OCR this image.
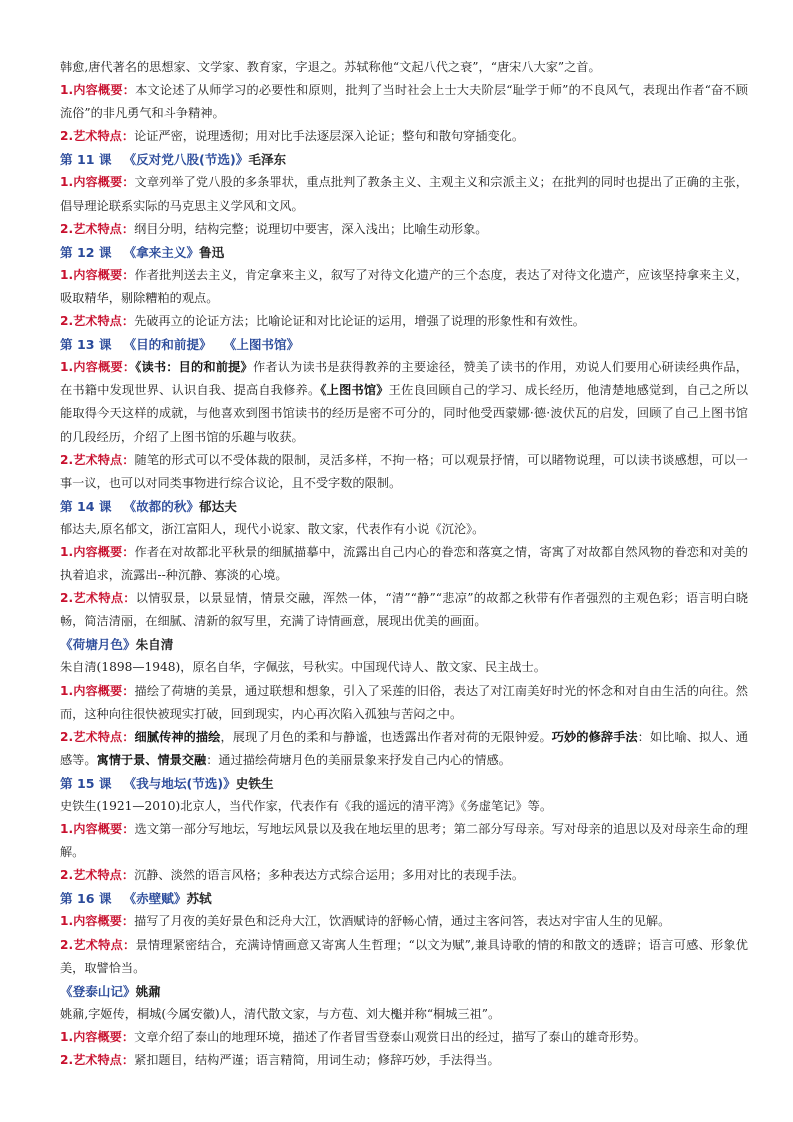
韩愈,唐代著名的思想家、文学家、教育家，字退之。苏轼称他“文起八代之衰”，“唐宋八大家”之首。

1.内容概要：本文论述了从师学习的必要性和原则，批判了当时社会上士大夫阶层“耻学于师”的不良风气，表现出作者“奋不顾流俗”的非凡勇气和斗争精神。

2.艺术特点：论证严密，说理透彻；用对比手法逐层深入论证；整句和散句穿插变化。

第 11 课 《反对党八股(节选)》毛泽东

1.内容概要：文章列举了党八股的多条罪状，重点批判了教条主义、主观主义和宗派主义；在批判的同时也提出了正确的主张，倡导理论联系实际的马克思主义学风和文风。

2.艺术特点：纲目分明，结构完整；说理切中要害，深入浅出；比喻生动形象。

第 12 课 《拿来主义》鲁迅

1.内容概要：作者批判送去主义，肯定拿来主义，叙写了对待文化遗产的三个态度，表达了对待文化遗产，应该坚持拿来主义，吸取精华，剔除糟粕的观点。

2.艺术特点：先破再立的论证方法；比喻论证和对比论证的运用，增强了说理的形象性和有效性。

第 13 课 《目的和前提》 《上图书馆》

1.内容概要：《读书：目的和前提》作者认为读书是获得教养的主要途径，赞美了读书的作用，劝说人们要用心研读经典作品，在书籍中发现世界、认识自我、提高自我修养。《上图书馆》王佐良回顾自己的学习、成长经历，他清楚地感觉到，自己之所以能取得今天这样的成就，与他喜欢到图书馆读书的经历是密不可分的，同时他受西蒙娜·德·波伏瓦的启发，回顾了自己上图书馆的几段经历，介绍了上图书馆的乐趣与收获。

2.艺术特点：随笔的形式可以不受体裁的限制，灵活多样，不拘一格；可以观景抒情，可以睹物说理，可以读书谈感想，可以一事一议，也可以对同类事物进行综合议论，且不受字数的限制。

第 14 课 《故都的秋》郁达夫

郁达夫,原名郁文，浙江富阳人，现代小说家、散文家，代表作有小说《沉沦》。

1.内容概要：作者在对故都北平秋景的细腻描摹中，流露出自己内心的眷恋和落寞之情，寄寓了对故都自然风物的眷恋和对美的执着追求，流露出--种沉静、寡淡的心境。

2.艺术特点：以情驭景，以景显情，情景交融，浑然一体，“清”“静”“悲凉”的故都之秋带有作者强烈的主观色彩；语言明白晓畅，简洁清丽，在细腻、清新的叙写里，充满了诗情画意，展现出优美的画面。

《荷塘月色》朱自清

朱自清(1898—1948)，原名自华，字佩弦，号秋实。中国现代诗人、散文家、民主战士。

1.内容概要：描绘了荷塘的美景，通过联想和想象，引入了采莲的旧俗，表达了对江南美好时光的怀念和对自由生活的向往。然而，这种向往很快被现实打破，回到现实，内心再次陷入孤独与苦闷之中。

2.艺术特点：细腻传神的描绘，展现了月色的柔和与静谧，也透露出作者对荷的无限钟爱。巧妙的修辞手法：如比喻、拟人、通感等。寓情于景、情景交融：通过描绘荷塘月色的美丽景象来抒发自己内心的情感。

第 15 课 《我与地坛(节选)》史铁生

史铁生(1921—2010)北京人，当代作家，代表作有《我的遥远的清平湾》《务虚笔记》等。

1.内容概要：选文第一部分写地坛，写地坛风景以及我在地坛里的思考；第二部分写母亲。写对母亲的追思以及对母亲生命的理解。

2.艺术特点：沉静、淡然的语言风格；多种表达方式综合运用；多用对比的表现手法。

第 16 课 《赤壁赋》苏轼

1.内容概要：描写了月夜的美好景色和泛舟大江，饮酒赋诗的舒畅心情，通过主客问答，表达对宇宙人生的见解。

2.艺术特点：景情理紧密结合，充满诗情画意又寄寓人生哲理；“以文为赋”,兼具诗歌的情的和散文的透辟；语言可感、形象优美，取譬恰当。

《登泰山记》姚鼐

姚鼐,字姬传，桐城(今属安徽)人，清代散文家，与方苞、刘大櫆并称“桐城三祖”。

1.内容概要：文章介绍了泰山的地理环境，描述了作者冒雪登泰山观赏日出的经过，描写了泰山的雄奇形势。

2.艺术特点：紧扣题目，结构严谨；语言精简，用词生动；修辞巧妙，手法得当。
